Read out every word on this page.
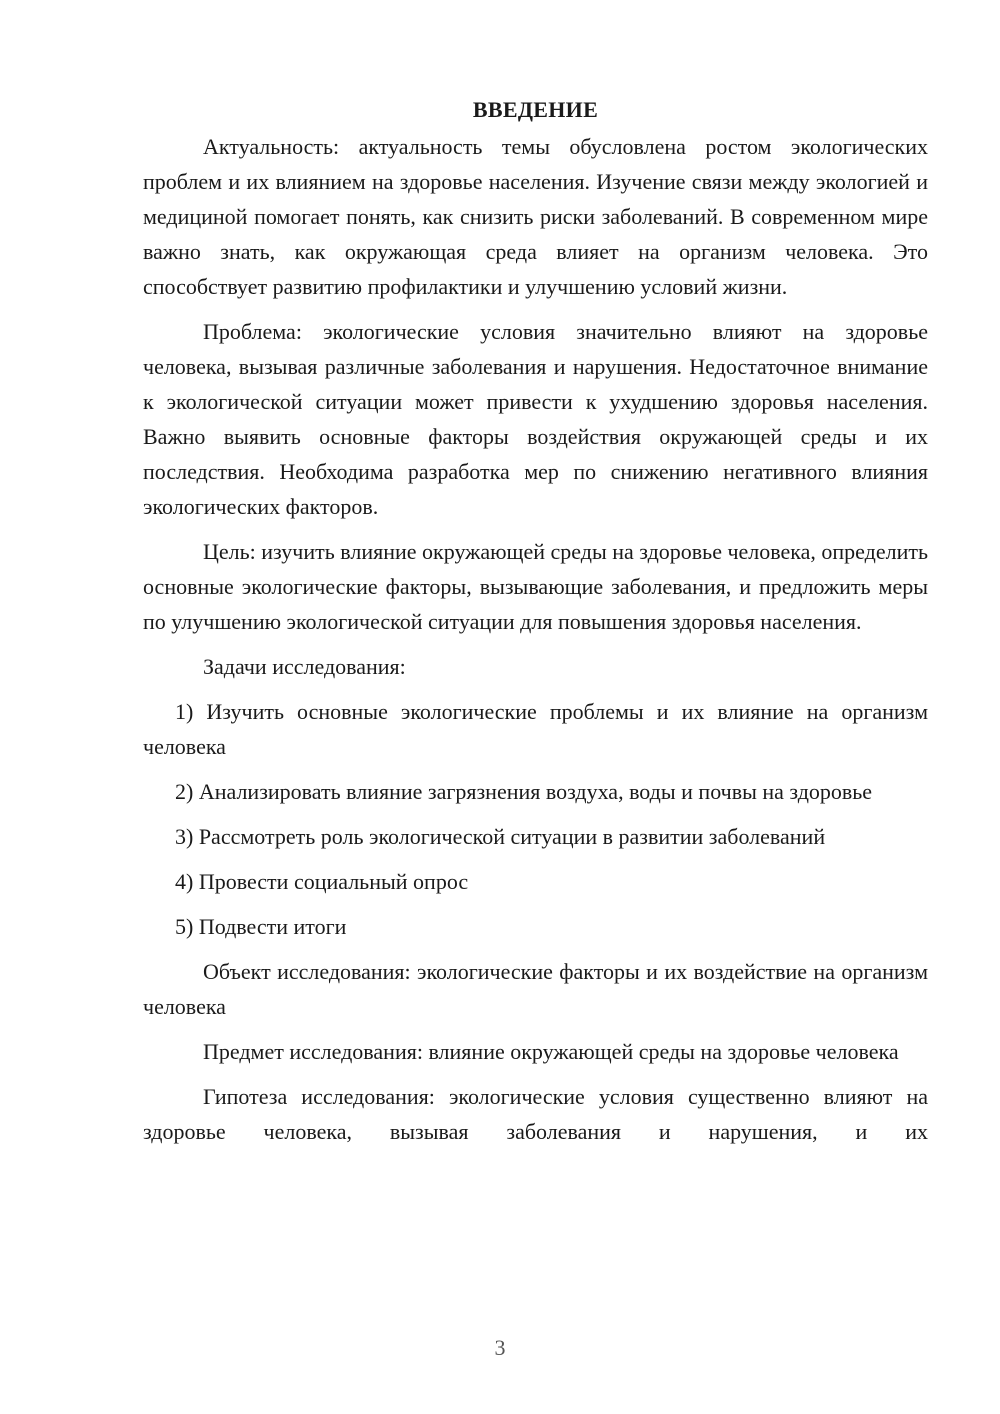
ВВЕДЕНИЕ

Актуальность: актуальность темы обусловлена ростом экологических проблем и их влиянием на здоровье населения. Изучение связи между экологией и медициной помогает понять, как снизить риски заболеваний. В современном мире важно знать, как окружающая среда влияет на организм человека. Это способствует развитию профилактики и улучшению условий жизни.

Проблема: экологические условия значительно влияют на здоровье человека, вызывая различные заболевания и нарушения. Недостаточное внимание к экологической ситуации может привести к ухудшению здоровья населения. Важно выявить основные факторы воздействия окружающей среды и их последствия. Необходима разработка мер по снижению негативного влияния экологических факторов.

Цель: изучить влияние окружающей среды на здоровье человека, определить основные экологические факторы, вызывающие заболевания, и предложить меры по улучшению экологической ситуации для повышения здоровья населения.

Задачи исследования:

1) Изучить основные экологические проблемы и их влияние на организм человека

2) Анализировать влияние загрязнения воздуха, воды и почвы на здоровье

3) Рассмотреть роль экологической ситуации в развитии заболеваний

4) Провести социальный опрос

5) Подвести итоги

Объект исследования: экологические факторы и их воздействие на организм человека

Предмет исследования: влияние окружающей среды на здоровье человека

Гипотеза исследования: экологические условия существенно влияют на здоровье человека, вызывая заболевания и нарушения, и их

3
